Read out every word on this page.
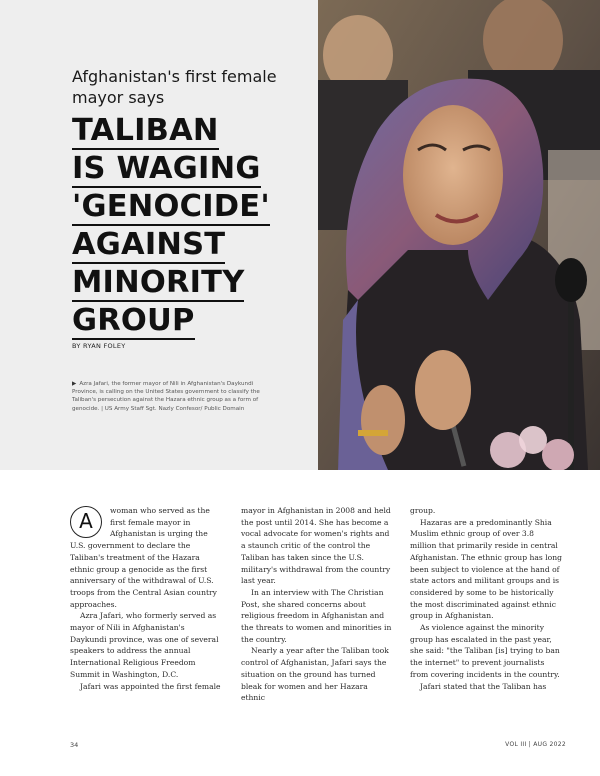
Afghanistan's first female mayor says
TALIBAN
IS WAGING
'GENOCIDE'
AGAINST
MINORITY
GROUP
BY RYAN FOLEY
▶ Azra Jafari, the former mayor of Nili in Afghanistan's Daykundi Province, is calling on the United States government to classify the Taliban's persecution against the Hazara ethnic group as a form of genocide. | US Army Staff Sgt. Nazly Confesor/ Public Domain

A	woman who served as the first female mayor in Afghanistan is urging the U.S. government to declare the Taliban's treatment of the Hazara ethnic group a genocide as the first anniversary of the withdrawal of U.S. troops from the Central Asian country approaches.

Azra Jafari, who formerly served as mayor of Nili in Afghanistan's Daykundi province, was one of several speakers to address the annual International Religious Freedom Summit in Washington, D.C.

Jafari was appointed the first female

mayor in Afghanistan in 2008 and held the post until 2014. She has become a vocal advocate for women's rights and a staunch critic of the control the Taliban has taken since the U.S. military's withdrawal from the country last year.

In an interview with The Christian Post, she shared concerns about religious freedom in Afghanistan and the threats to women and minorities in the country.

Nearly a year after the Taliban took control of Afghanistan, Jafari says the situation on the ground has turned bleak for women and her Hazara ethnic

group.

Hazaras are a predominantly Shia Muslim ethnic group of over 3.8 million that primarily reside in central Afghanistan. The ethnic group has long been subject to violence at the hand of state actors and militant groups and is considered by some to be historically the most discriminated against ethnic group in Afghanistan.

As violence against the minority group has escalated in the past year, she said: "the Taliban [is] trying to ban the internet" to prevent journalists from covering incidents in the country.

Jafari stated that the Taliban has

34	VOL III | AUG 2022
